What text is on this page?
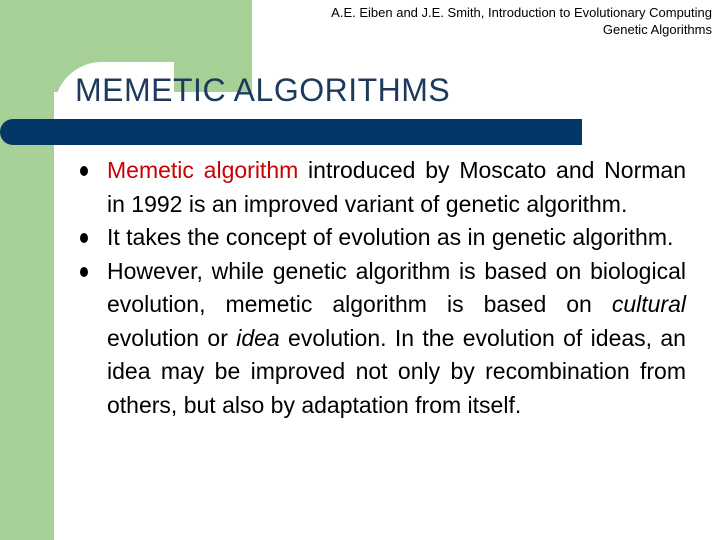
A.E. Eiben and J.E. Smith, Introduction to Evolutionary Computing
Genetic Algorithms
MEMETIC ALGORITHMS
Memetic algorithm introduced by Moscato and Norman in 1992 is an improved variant of genetic algorithm.
It takes the concept of evolution as in genetic algorithm.
However, while genetic algorithm is based on biological evolution, memetic algorithm is based on cultural evolution or idea evolution. In the evolution of ideas, an idea may be improved not only by recombination from others, but also by adaptation from itself.
